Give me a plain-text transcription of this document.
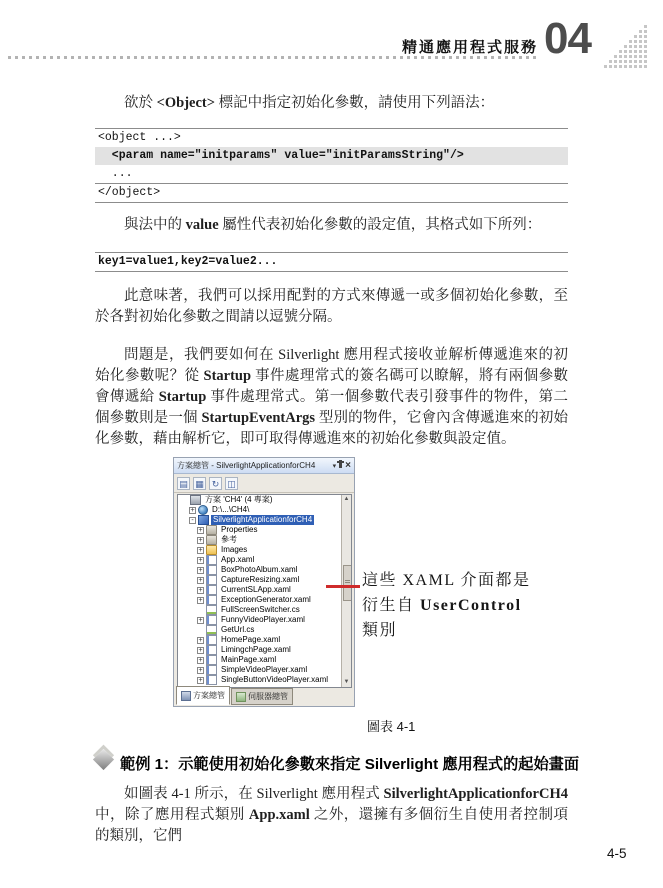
精通應用程式服務 04

欲於 <Object> 標記中指定初始化參數，請使用下列語法：

<object ...>
<param name="initparams" value="initParamsString"/>
...
</object>

與法中的 value 屬性代表初始化參數的設定值，其格式如下所列：

key1=value1,key2=value2...

此意味著，我們可以採用配對的方式來傳遞一或多個初始化參數，至於各對初始化參數之間請以逗號分隔。

問題是，我們要如何在 Silverlight 應用程式接收並解析傳遞進來的初始化參數呢？從 Startup 事件處理常式的簽名碼可以瞭解，將有兩個參數會傳遞給 Startup 事件處理常式。第一個參數代表引發事件的物件，第二個參數則是一個 StartupEventArgs 型別的物件，它會內含傳遞進來的初始化參數，藉由解析它，即可取得傳遞進來的初始化參數與設定值。

方案總管 - SilverlightApplicationforCH4	▾ ×
▤ ▦ ↻ ◫
方案 'CH4' (4 專案)
+ D:\...\CH4\
- SilverlightApplicationforCH4
+ Properties
+ 參考
+ Images
+ App.xaml
+ BoxPhotoAlbum.xaml
+ CaptureResizing.xaml
+ CurrentSLApp.xaml
+ ExceptionGenerator.xaml
FullScreenSwitcher.cs
+ FunnyVideoPlayer.xaml
GetUrl.cs
+ HomePage.xaml
+ LimingchPage.xaml
+ MainPage.xaml
+ SimpleVideoPlayer.xaml
+ SingleButtonVideoPlayer.xaml
▲
▼
方案總管	伺服器總管
這些 XAML 介面都是
衍生自 UserControl
類別
圖表 4-1
範例 1：示範使用初始化參數來指定 Silverlight 應用程式的起始畫面

如圖表 4-1 所示，在 Silverlight 應用程式 SilverlightApplicationforCH4 中，除了應用程式類別 App.xaml 之外，還擁有多個衍生自使用者控制項的類別，它們

4-5
